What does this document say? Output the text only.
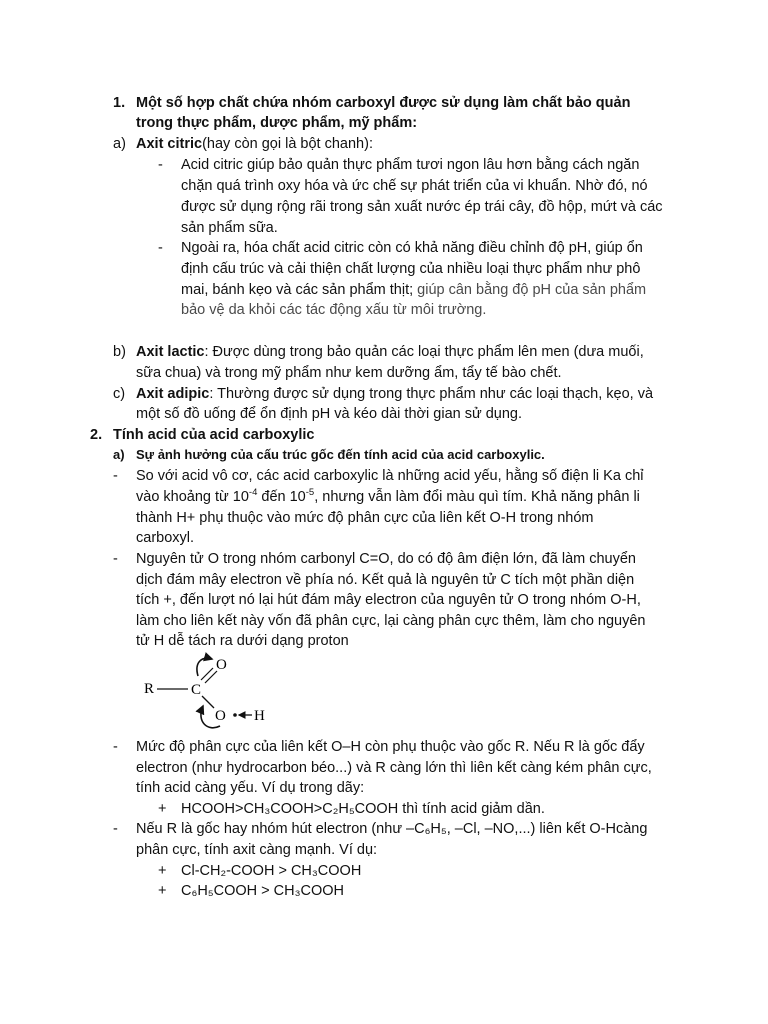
1. Một số hợp chất chứa nhóm carboxyl được sử dụng làm chất bảo quản
trong thực phẩm, dược phẩm, mỹ phẩm:
a) Axit citric(hay còn gọi là bột chanh):
- Acid citric giúp bảo quản thực phẩm tươi ngon lâu hơn bằng cách ngăn
chặn quá trình oxy hóa và ức chế sự phát triển của vi khuẩn. Nhờ đó, nó
được sử dụng rộng rãi trong sản xuất nước ép trái cây, đồ hộp, mứt và các
sản phẩm sữa.
- Ngoài ra, hóa chất acid citric còn có khả năng điều chỉnh độ pH, giúp ổn
định cấu trúc và cải thiện chất lượng của nhiều loại thực phẩm như phô
mai, bánh kẹo và các sản phẩm thịt; giúp cân bằng độ pH của sản phẩm
bảo vệ da khỏi các tác động xấu từ môi trường.
b) Axit lactic: Được dùng trong bảo quản các loại thực phẩm lên men (dưa muối,
sữa chua) và trong mỹ phẩm như kem dưỡng ẩm, tẩy tế bào chết.
c) Axit adipic: Thường được sử dụng trong thực phẩm như các loại thạch, kẹo, và
một số đồ uống để ổn định pH và kéo dài thời gian sử dụng.
2. Tính acid của acid carboxylic
a) Sự ảnh hưởng của cấu trúc gốc đến tính acid của acid carboxylic.
- So với acid vô cơ, các acid carboxylic là những acid yếu, hằng số điện li Ka chỉ
vào khoảng từ $10^{-4}$ đến $10^{-5}$, nhưng vẫn làm đổi màu quì tím. Khả năng phân li
thành H+ phụ thuộc vào mức độ phân cực của liên kết O-H trong nhóm
carboxyl.
- Nguyên tử O trong nhóm carbonyl C=O, do có độ âm điện lớn, đã làm chuyển
dịch đám mây electron về phía nó. Kết quả là nguyên tử C tích một phần diện
tích +, đến lượt nó lại hút đám mây electron của nguyên tử O trong nhóm O-H,
làm cho liên kết này vốn đã phân cực, lại càng phân cực thêm, làm cho nguyên
tử H dễ tách ra dưới dạng proton
R C
O
O H
- Mức độ phân cực của liên kết O–H còn phụ thuộc vào gốc R. Nếu R là gốc đẩy
electron (như hydrocarbon béo...) và R càng lớn thì liên kết càng kém phân cực,
tính acid càng yếu. Ví dụ trong dãy:
+ HCOOH>CH₃COOH>C₂H₅COOH thì tính acid giảm dần.
- Nếu R là gốc hay nhóm hút electron (như –C₆H₅, –Cl, –NO,...) liên kết O-Hcàng
phân cực, tính axit càng mạnh. Ví dụ:
+ Cl-CH₂-COOH > CH₃COOH
+ C₆H₅COOH > CH₃COOH
